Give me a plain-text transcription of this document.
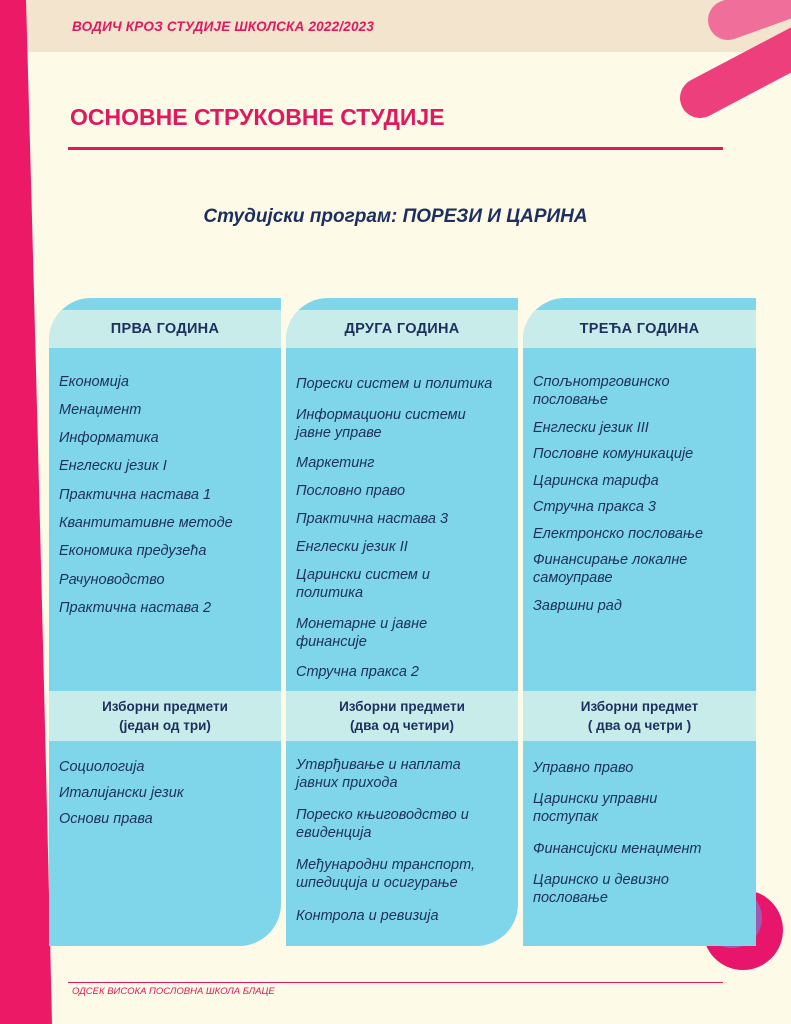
ВОДИЧ КРОЗ СТУДИЈЕ ШКОЛСКА 2022/2023
ОСНОВНЕ СТРУКОВНЕ СТУДИЈЕ
Студијски програм: ПОРЕЗИ И ЦАРИНА
ПРВА ГОДИНА
Економија
Менаџмент
Информатика
Енглески језик I
Практична настава 1
Квантитативне методе
Економика предузећа
Рачуноводство
Практична настава 2
Изборни предмети
(један од три)
Социологија
Италијански језик
Основи права
ДРУГА ГОДИНА
Порески систем и политика
Информациони системи јавне управе
Маркетинг
Пословно право
Практична настава 3
Енглески језик II
Царински систем и политика
Монетарне и јавне финансије
Стручна пракса 2
Изборни предмети
(два од четири)
Утврђивање и наплата јавних прихода
Пореско књиговодство и евиденција
Међународни транспорт, шпедиција и осигурање
Контрола и ревизија
ТРЕЋА ГОДИНА
Спољнотрговинско пословање
Енглески језик III
Пословне комуникације
Царинска тарифа
Стручна пракса 3
Електронско пословање
Финансирање локалне самоуправе
Завршни рад
Изборни предмет
( два од четри )
Управно право
Царински управни поступак
Финансијски менаџмент
Царинско и девизно пословање
ОДСЕК ВИСОКА ПОСЛОВНА ШКОЛА БЛАЦЕ
